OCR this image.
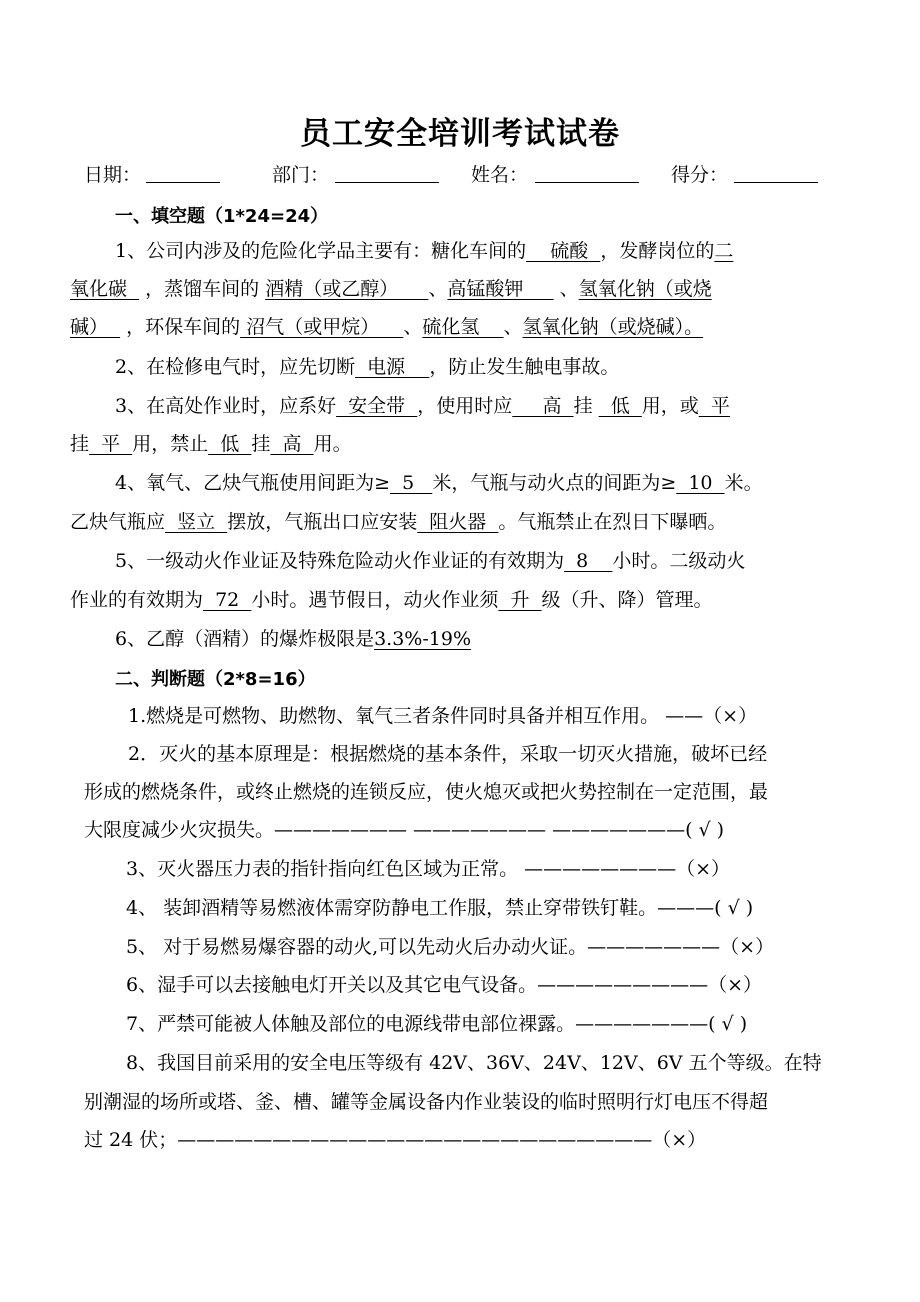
员工安全培训考试试卷
日期：	部门：	姓名：	得分：
一、填空题（1*24=24）
1、公司内涉及的危险化学品主要有：糖化车间的    硫酸  ，发酵岗位的二
氧化碳   ，蒸馏车间的 酒精（或乙醇）     、高锰酸钾      、氢氧化钠（或烧
碱）   ，环保车间的 沼气（或甲烷）    、硫化氢    、氢氧化钠（或烧碱）。
2、在检修电气时，应先切断  电源    ，防止发生触电事故。
3、在高处作业时，应系好  安全带  ，使用时应     高  挂   低  用，或  平
挂  平  用，禁止  低  挂  高  用。
4、氧气、乙炔气瓶使用间距为≥  5   米，气瓶与动火点的间距为≥  10  米。
乙炔气瓶应  竖立  摆放，气瓶出口应安装  阻火器  。气瓶禁止在烈日下曝晒。
5、一级动火作业证及特殊危险动火作业证的有效期为  8    小时。二级动火
作业的有效期为  72  小时。遇节假日，动火作业须  升  级（升、降）管理。
6、乙醇（酒精）的爆炸极限是3.3%-19%
二、判断题（2*8=16）
1.燃烧是可燃物、助燃物、氧气三者条件同时具备并相互作用。 ——（×）
2．灭火的基本原理是：根据燃烧的基本条件，采取一切灭火措施，破坏已经
形成的燃烧条件，或终止燃烧的连锁反应，使火熄灭或把火势控制在一定范围，最
大限度减少火灾损失。——————— ——————— ———————( √ )
3、灭火器压力表的指针指向红色区域为正常。 ————————（×）
4、 装卸酒精等易燃液体需穿防静电工作服，禁止穿带铁钉鞋。———( √ )
5、 对于易燃易爆容器的动火,可以先动火后办动火证。———————（×）
6、湿手可以去接触电灯开关以及其它电气设备。—————————（×）
7、严禁可能被人体触及部位的电源线带电部位裸露。———————( √ )
8、我国目前采用的安全电压等级有 42V、36V、24V、12V、6V 五个等级。在特
别潮湿的场所或塔、釜、槽、罐等金属设备内作业装设的临时照明行灯电压不得超
过 24 伏；—————————————————————————（×）
